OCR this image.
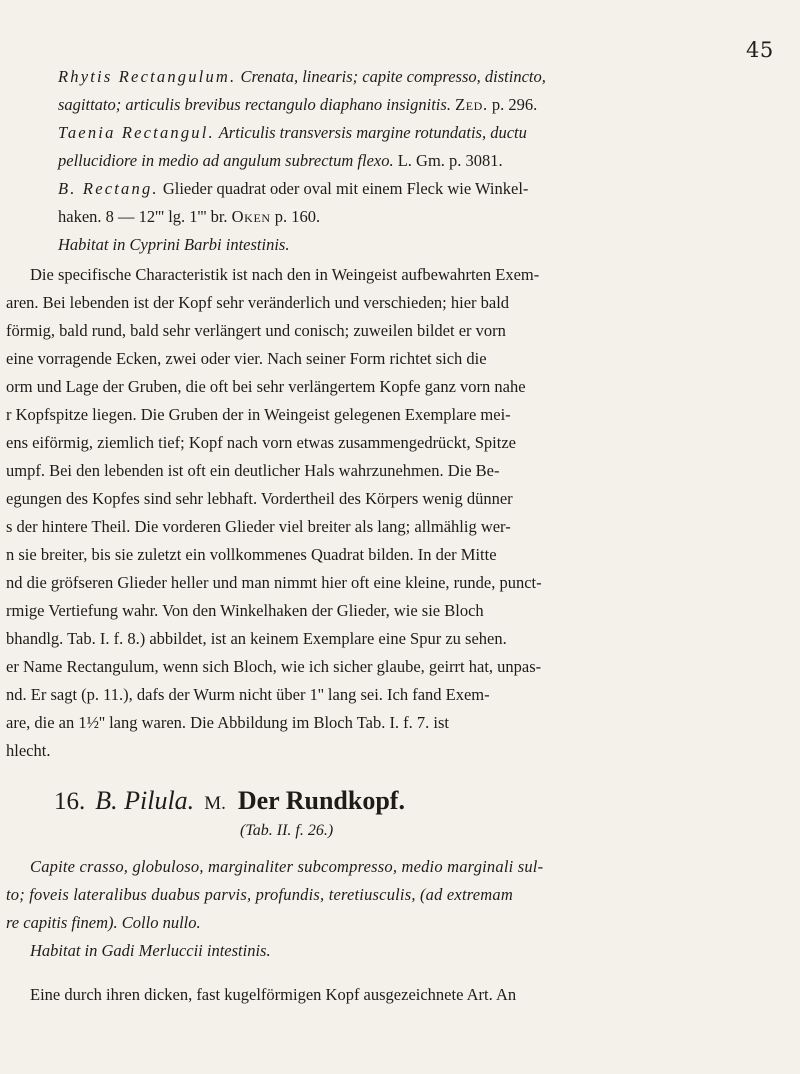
45
Rhytis Rectangulum. Crenata, linearis; capite compresso, distincto,
sagittato; articulis brevibus rectangulo diaphano insignitis. Zed. p. 296.
Taenia Rectangul. Articulis transversis margine rotundatis, ductu
pellucidiore in medio ad angulum subrectum flexo. L. Gm. p. 3081.
B. Rectang. Glieder quadrat oder oval mit einem Fleck wie Winkel-
haken. 8 — 12''' lg. 1''' br. Oken p. 160.
Habitat in Cyprini Barbi intestinis.
Die specifische Characteristik ist nach den in Weingeist aufbewahrten Exem-
aren. Bei lebenden ist der Kopf sehr veränderlich und verschieden; hier bald
förmig, bald rund, bald sehr verlängert und conisch; zuweilen bildet er vorn
eine vorragende Ecken, zwei oder vier. Nach seiner Form richtet sich die
orm und Lage der Gruben, die oft bei sehr verlängertem Kopfe ganz vorn nahe
r Kopfspitze liegen. Die Gruben der in Weingeist gelegenen Exemplare mei-
ens eiförmig, ziemlich tief; Kopf nach vorn etwas zusammengedrückt, Spitze
umpf. Bei den lebenden ist oft ein deutlicher Hals wahrzunehmen. Die Be-
egungen des Kopfes sind sehr lebhaft. Vordertheil des Körpers wenig dünner
s der hintere Theil. Die vorderen Glieder viel breiter als lang; allmählig wer-
n sie breiter, bis sie zuletzt ein vollkommenes Quadrat bilden. In der Mitte
nd die gröfseren Glieder heller und man nimmt hier oft eine kleine, runde, punct-
rmige Vertiefung wahr. Von den Winkelhaken der Glieder, wie sie Bloch
bhandlg. Tab. I. f. 8.) abbildet, ist an keinem Exemplare eine Spur zu sehen.
er Name Rectangulum, wenn sich Bloch, wie ich sicher glaube, geirrt hat, unpas-
nd. Er sagt (p. 11.), dafs der Wurm nicht über 1'' lang sei. Ich fand Exem-
are, die an 1½'' lang waren. Die Abbildung im Bloch Tab. I. f. 7. ist
hlecht.
16. B. Pilula. M. Der Rundkopf.
(Tab. II. f. 26.)
Capite crasso, globuloso, marginaliter subcompresso, medio marginali sul-
to; foveis lateralibus duabus parvis, profundis, teretiusculis, (ad extremam
re capitis finem). Collo nullo.
Habitat in Gadi Merluccii intestinis.
Eine durch ihren dicken, fast kugelförmigen Kopf ausgezeichnete Art. An
